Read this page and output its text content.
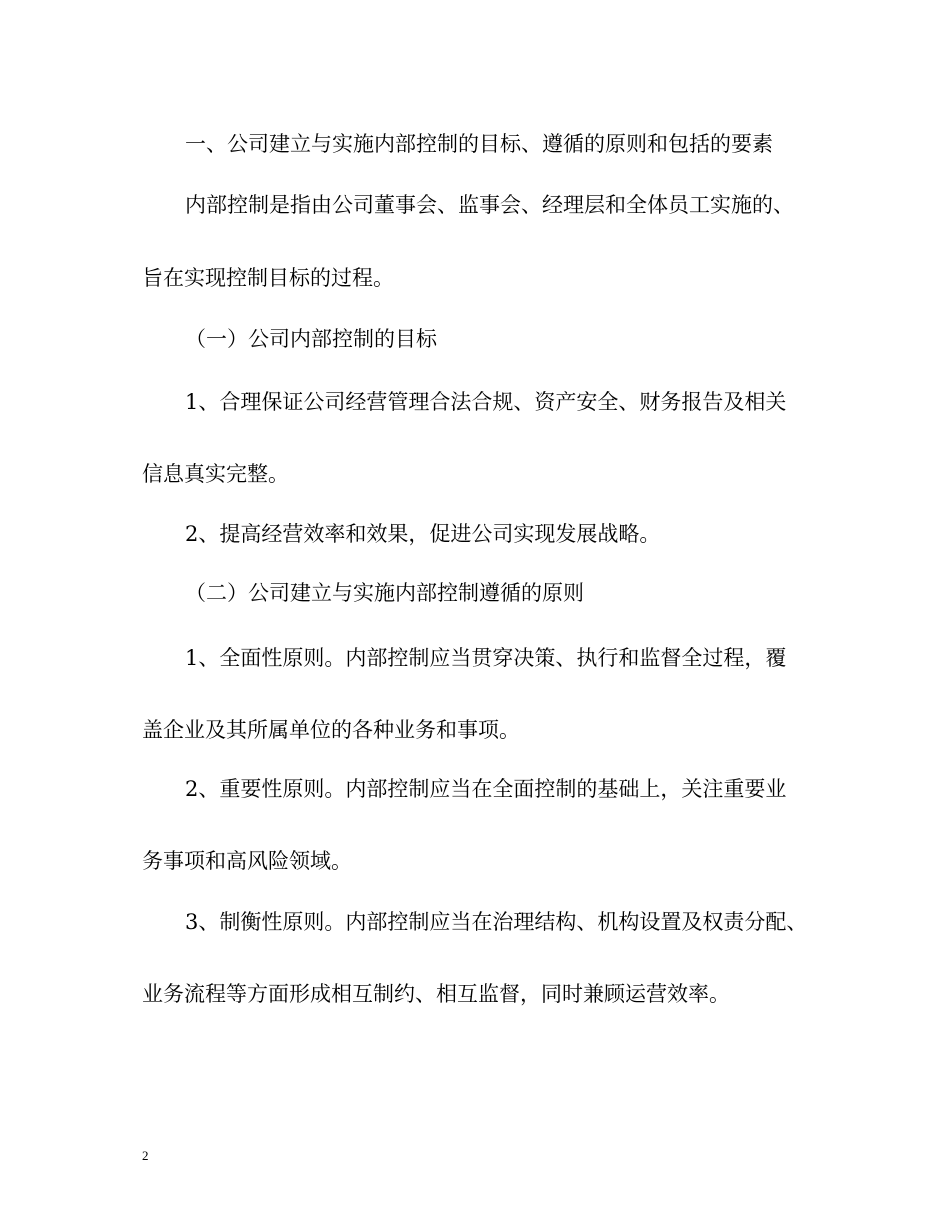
一、公司建立与实施内部控制的目标、遵循的原则和包括的要素
内部控制是指由公司董事会、监事会、经理层和全体员工实施的、
旨在实现控制目标的过程。
（一）公司内部控制的目标
1、合理保证公司经营管理合法合规、资产安全、财务报告及相关
信息真实完整。
2、提高经营效率和效果，促进公司实现发展战略。
（二）公司建立与实施内部控制遵循的原则
1、全面性原则。内部控制应当贯穿决策、执行和监督全过程，覆
盖企业及其所属单位的各种业务和事项。
2、重要性原则。内部控制应当在全面控制的基础上，关注重要业
务事项和高风险领域。
3、制衡性原则。内部控制应当在治理结构、机构设置及权责分配、
业务流程等方面形成相互制约、相互监督，同时兼顾运营效率。
2
